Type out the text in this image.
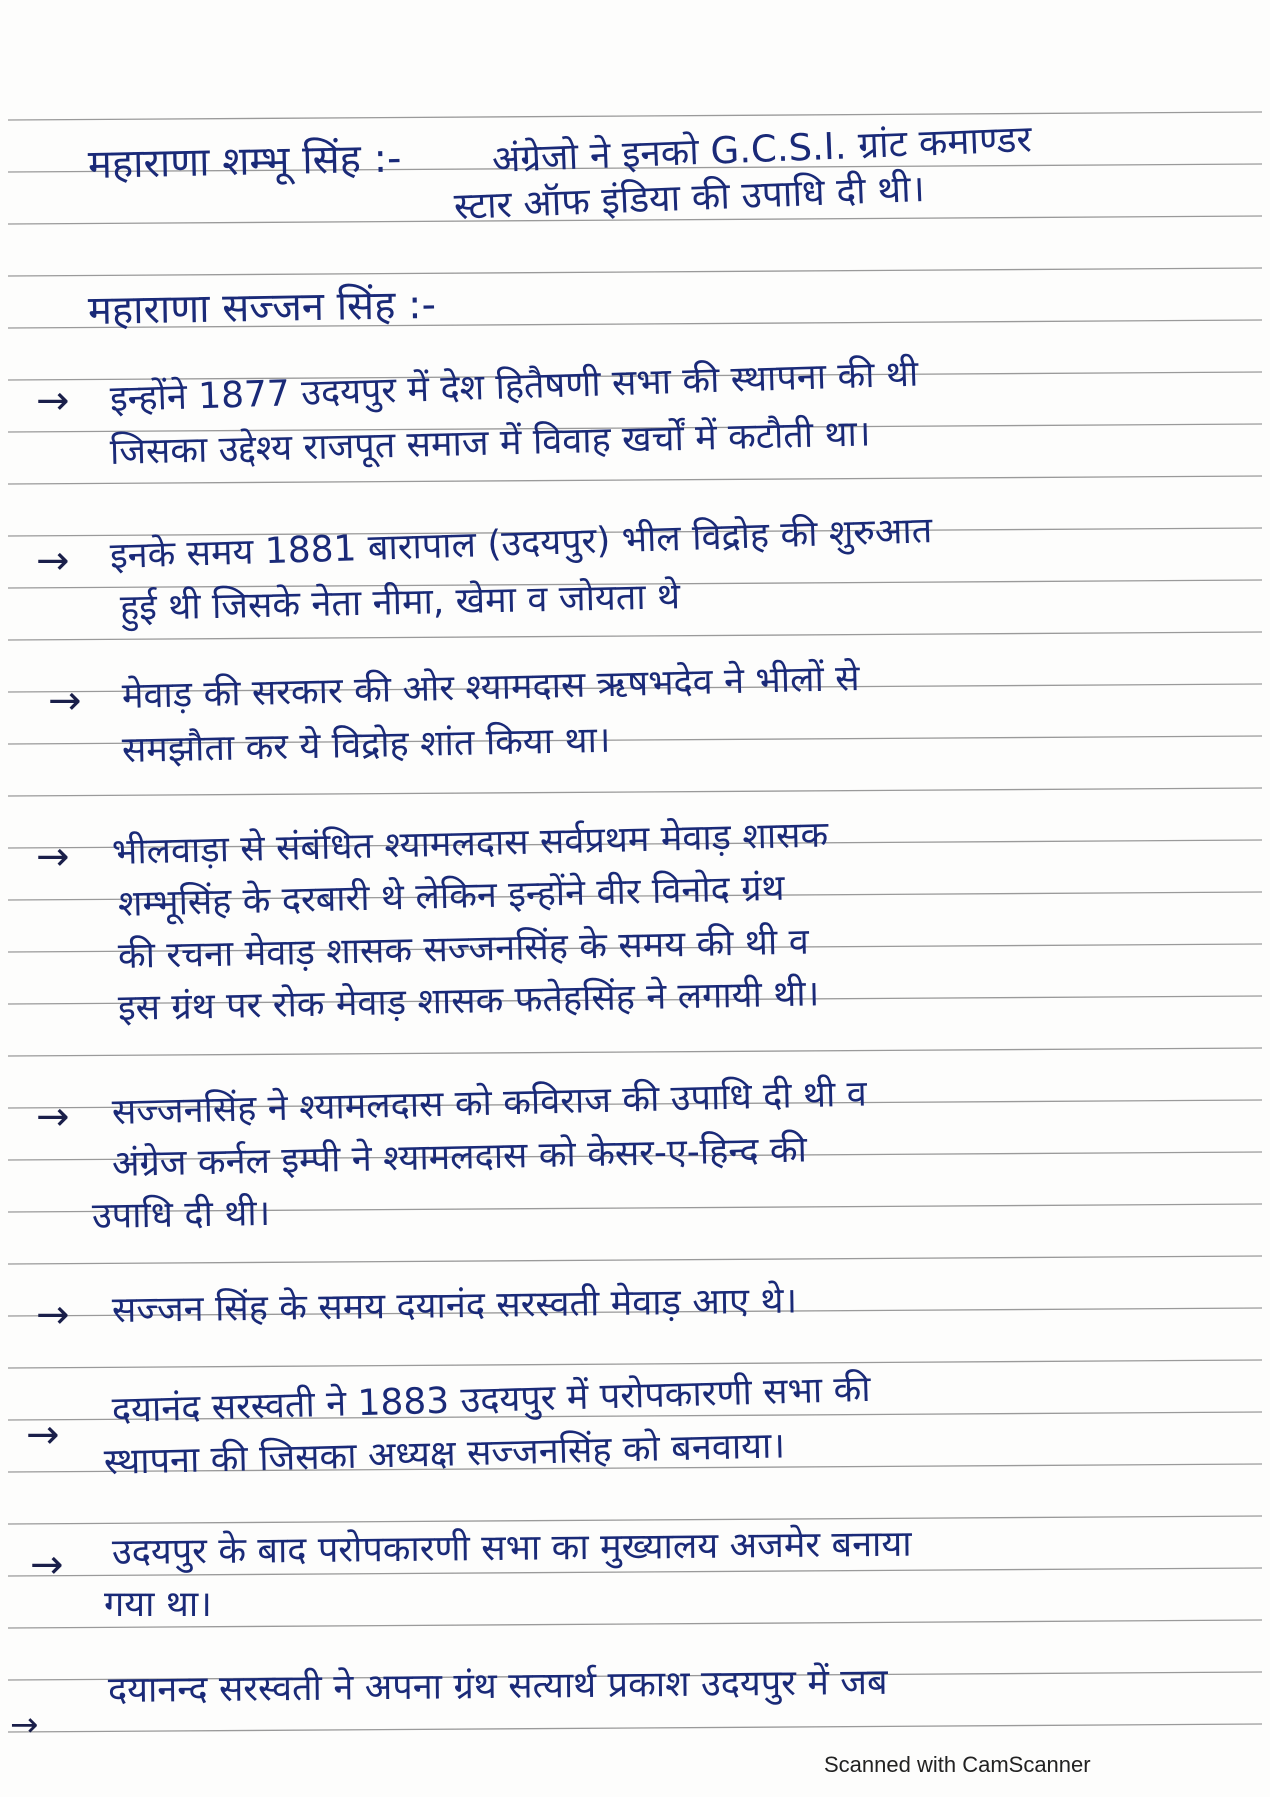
महाराणा शम्भू सिंह :- अंग्रेजो ने इनको G.C.S.I. ग्रांट कमाण्डर
स्टार ऑफ इंडिया की उपाधि दी थी।
महाराणा सज्जन सिंह :-
→ इन्होंने 1877 उदयपुर में देश हितैषणी सभा की स्थापना की थी
जिसका उद्देश्य राजपूत समाज में विवाह खर्चों में कटौती था।
→ इनके समय 1881 बारापाल (उदयपुर) भील विद्रोह की शुरुआत
हुई थी जिसके नेता नीमा, खेमा व जोयता थे
→ मेवाड़ की सरकार की ओर श्यामदास ऋषभदेव ने भीलों से
समझौता कर ये विद्रोह शांत किया था।
→ भीलवाड़ा से संबंधित श्यामलदास सर्वप्रथम मेवाड़ शासक
शम्भूसिंह के दरबारी थे लेकिन इन्होंने वीर विनोद ग्रंथ
की रचना मेवाड़ शासक सज्जनसिंह के समय की थी व
इस ग्रंथ पर रोक मेवाड़ शासक फतेहसिंह ने लगायी थी।
→ सज्जनसिंह ने श्यामलदास को कविराज की उपाधि दी थी व
अंग्रेज कर्नल इम्पी ने श्यामलदास को केसर-ए-हिन्द की
उपाधि दी थी।
→ सज्जन सिंह के समय दयानंद सरस्वती मेवाड़ आए थे।
→
दयानंद सरस्वती ने 1883 उदयपुर में परोपकारणी सभा की
स्थापना की जिसका अध्यक्ष सज्जनसिंह को बनवाया।
→ उदयपुर के बाद परोपकारणी सभा का मुख्यालय अजमेर बनाया
गया था।
→
दयानन्द सरस्वती ने अपना ग्रंथ सत्यार्थ प्रकाश उदयपुर में जब
Scanned with CamScanner
